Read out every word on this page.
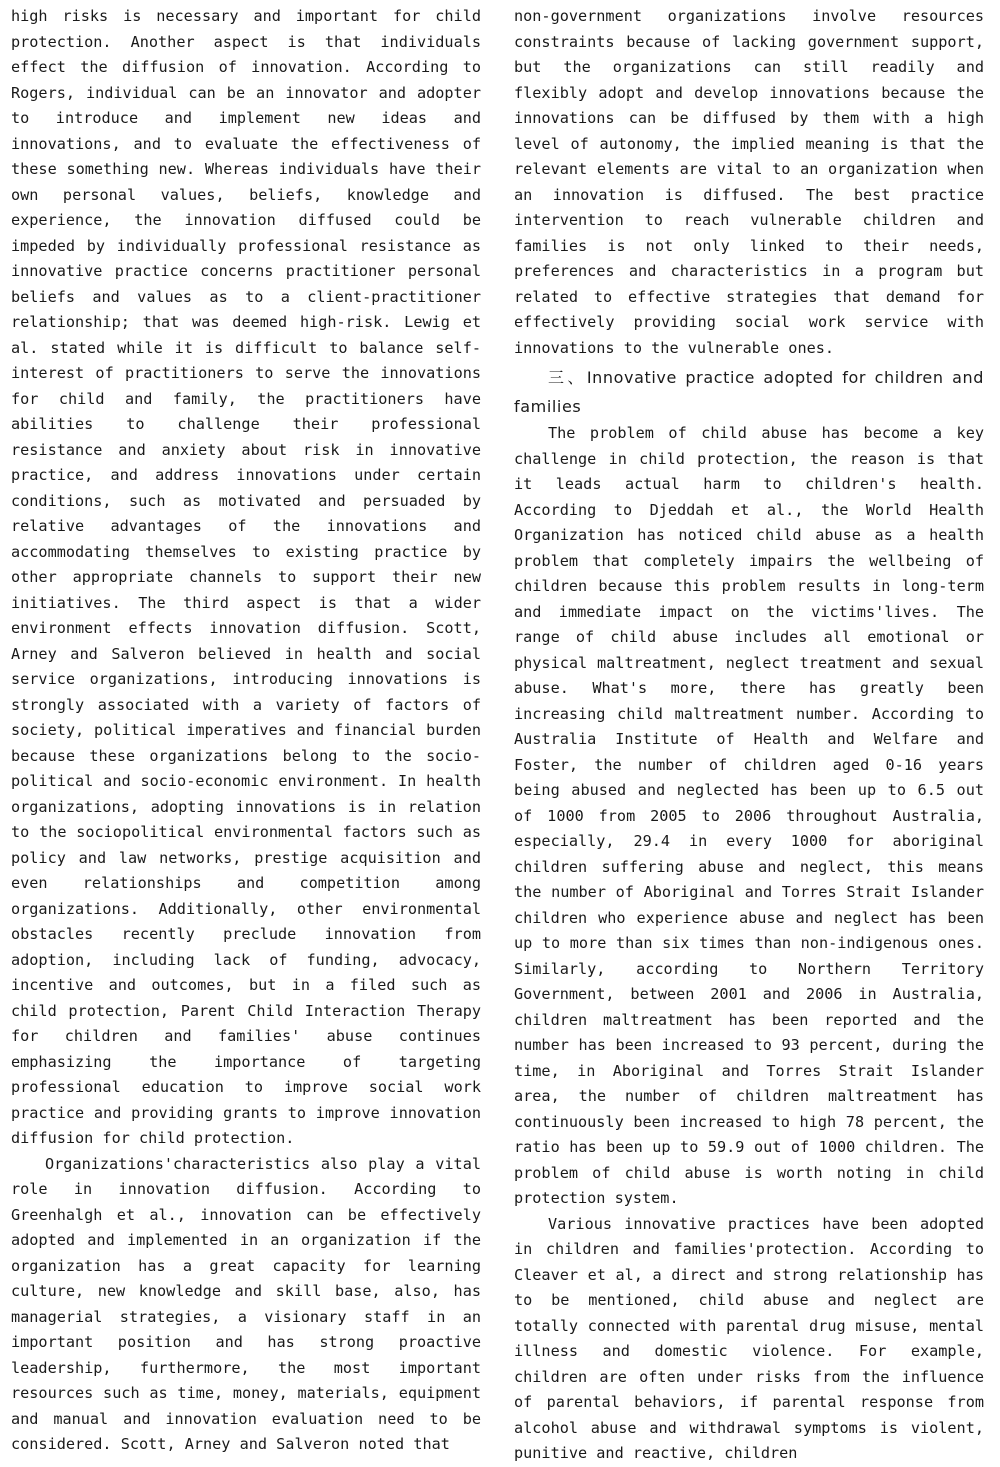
high risks is necessary and important for child protection. Another aspect is that individuals effect the diffusion of innovation. According to Rogers, individual can be an innovator and adopter to introduce and implement new ideas and innovations, and to evaluate the effectiveness of these something new. Whereas individuals have their own personal values, beliefs, knowledge and experience, the innovation diffused could be impeded by individually professional resistance as innovative practice concerns practitioner personal beliefs and values as to a client-practitioner relationship; that was deemed high-risk. Lewig et al. stated while it is difficult to balance self-interest of practitioners to serve the innovations for child and family, the practitioners have abilities to challenge their professional resistance and anxiety about risk in innovative practice, and address innovations under certain conditions, such as motivated and persuaded by relative advantages of the innovations and accommodating themselves to existing practice by other appropriate channels to support their new initiatives. The third aspect is that a wider environment effects innovation diffusion. Scott, Arney and Salveron believed in health and social service organizations, introducing innovations is strongly associated with a variety of factors of society, political imperatives and financial burden because these organizations belong to the socio-political and socio-economic environment. In health organizations, adopting innovations is in relation to the sociopolitical environmental factors such as policy and law networks, prestige acquisition and even relationships and competition among organizations. Additionally, other environmental obstacles recently preclude innovation from adoption, including lack of funding, advocacy, incentive and outcomes, but in a filed such as child protection, Parent Child Interaction Therapy for children and families' abuse continues emphasizing the importance of targeting professional education to improve social work practice and providing grants to improve innovation diffusion for child protection.

Organizations'characteristics also play a vital role in innovation diffusion. According to Greenhalgh et al., innovation can be effectively adopted and implemented in an organization if the organization has a great capacity for learning culture, new knowledge and skill base, also, has managerial strategies, a visionary staff in an important position and has strong proactive leadership, furthermore, the most important resources such as time, money, materials, equipment and manual and innovation evaluation need to be considered. Scott, Arney and Salveron noted that

non-government organizations involve resources constraints because of lacking government support, but the organizations can still readily and flexibly adopt and develop innovations because the innovations can be diffused by them with a high level of autonomy, the implied meaning is that the relevant elements are vital to an organization when an innovation is diffused. The best practice intervention to reach vulnerable children and families is not only linked to their needs, preferences and characteristics in a program but related to effective strategies that demand for effectively providing social work service with innovations to the vulnerable ones.

三、Innovative practice adopted for children and families

The problem of child abuse has become a key challenge in child protection, the reason is that it leads actual harm to children's health. According to Djeddah et al., the World Health Organization has noticed child abuse as a health problem that completely impairs the wellbeing of children because this problem results in long-term and immediate impact on the victims'lives. The range of child abuse includes all emotional or physical maltreatment, neglect treatment and sexual abuse. What's more, there has greatly been increasing child maltreatment number. According to Australia Institute of Health and Welfare and Foster, the number of children aged 0-16 years being abused and neglected has been up to 6.5 out of 1000 from 2005 to 2006 throughout Australia, especially, 29.4 in every 1000 for aboriginal children suffering abuse and neglect, this means the number of Aboriginal and Torres Strait Islander children who experience abuse and neglect has been up to more than six times than non-indigenous ones. Similarly, according to Northern Territory Government, between 2001 and 2006 in Australia, children maltreatment has been reported and the number has been increased to 93 percent, during the time, in Aboriginal and Torres Strait Islander area, the number of children maltreatment has continuously been increased to high 78 percent, the ratio has been up to 59.9 out of 1000 children. The problem of child abuse is worth noting in child protection system.

Various innovative practices have been adopted in children and families'protection. According to Cleaver et al, a direct and strong relationship has to be mentioned, child abuse and neglect are totally connected with parental drug misuse, mental illness and domestic violence. For example, children are often under risks from the influence of parental behaviors, if parental response from alcohol abuse and withdrawal symptoms is violent, punitive and reactive, children
